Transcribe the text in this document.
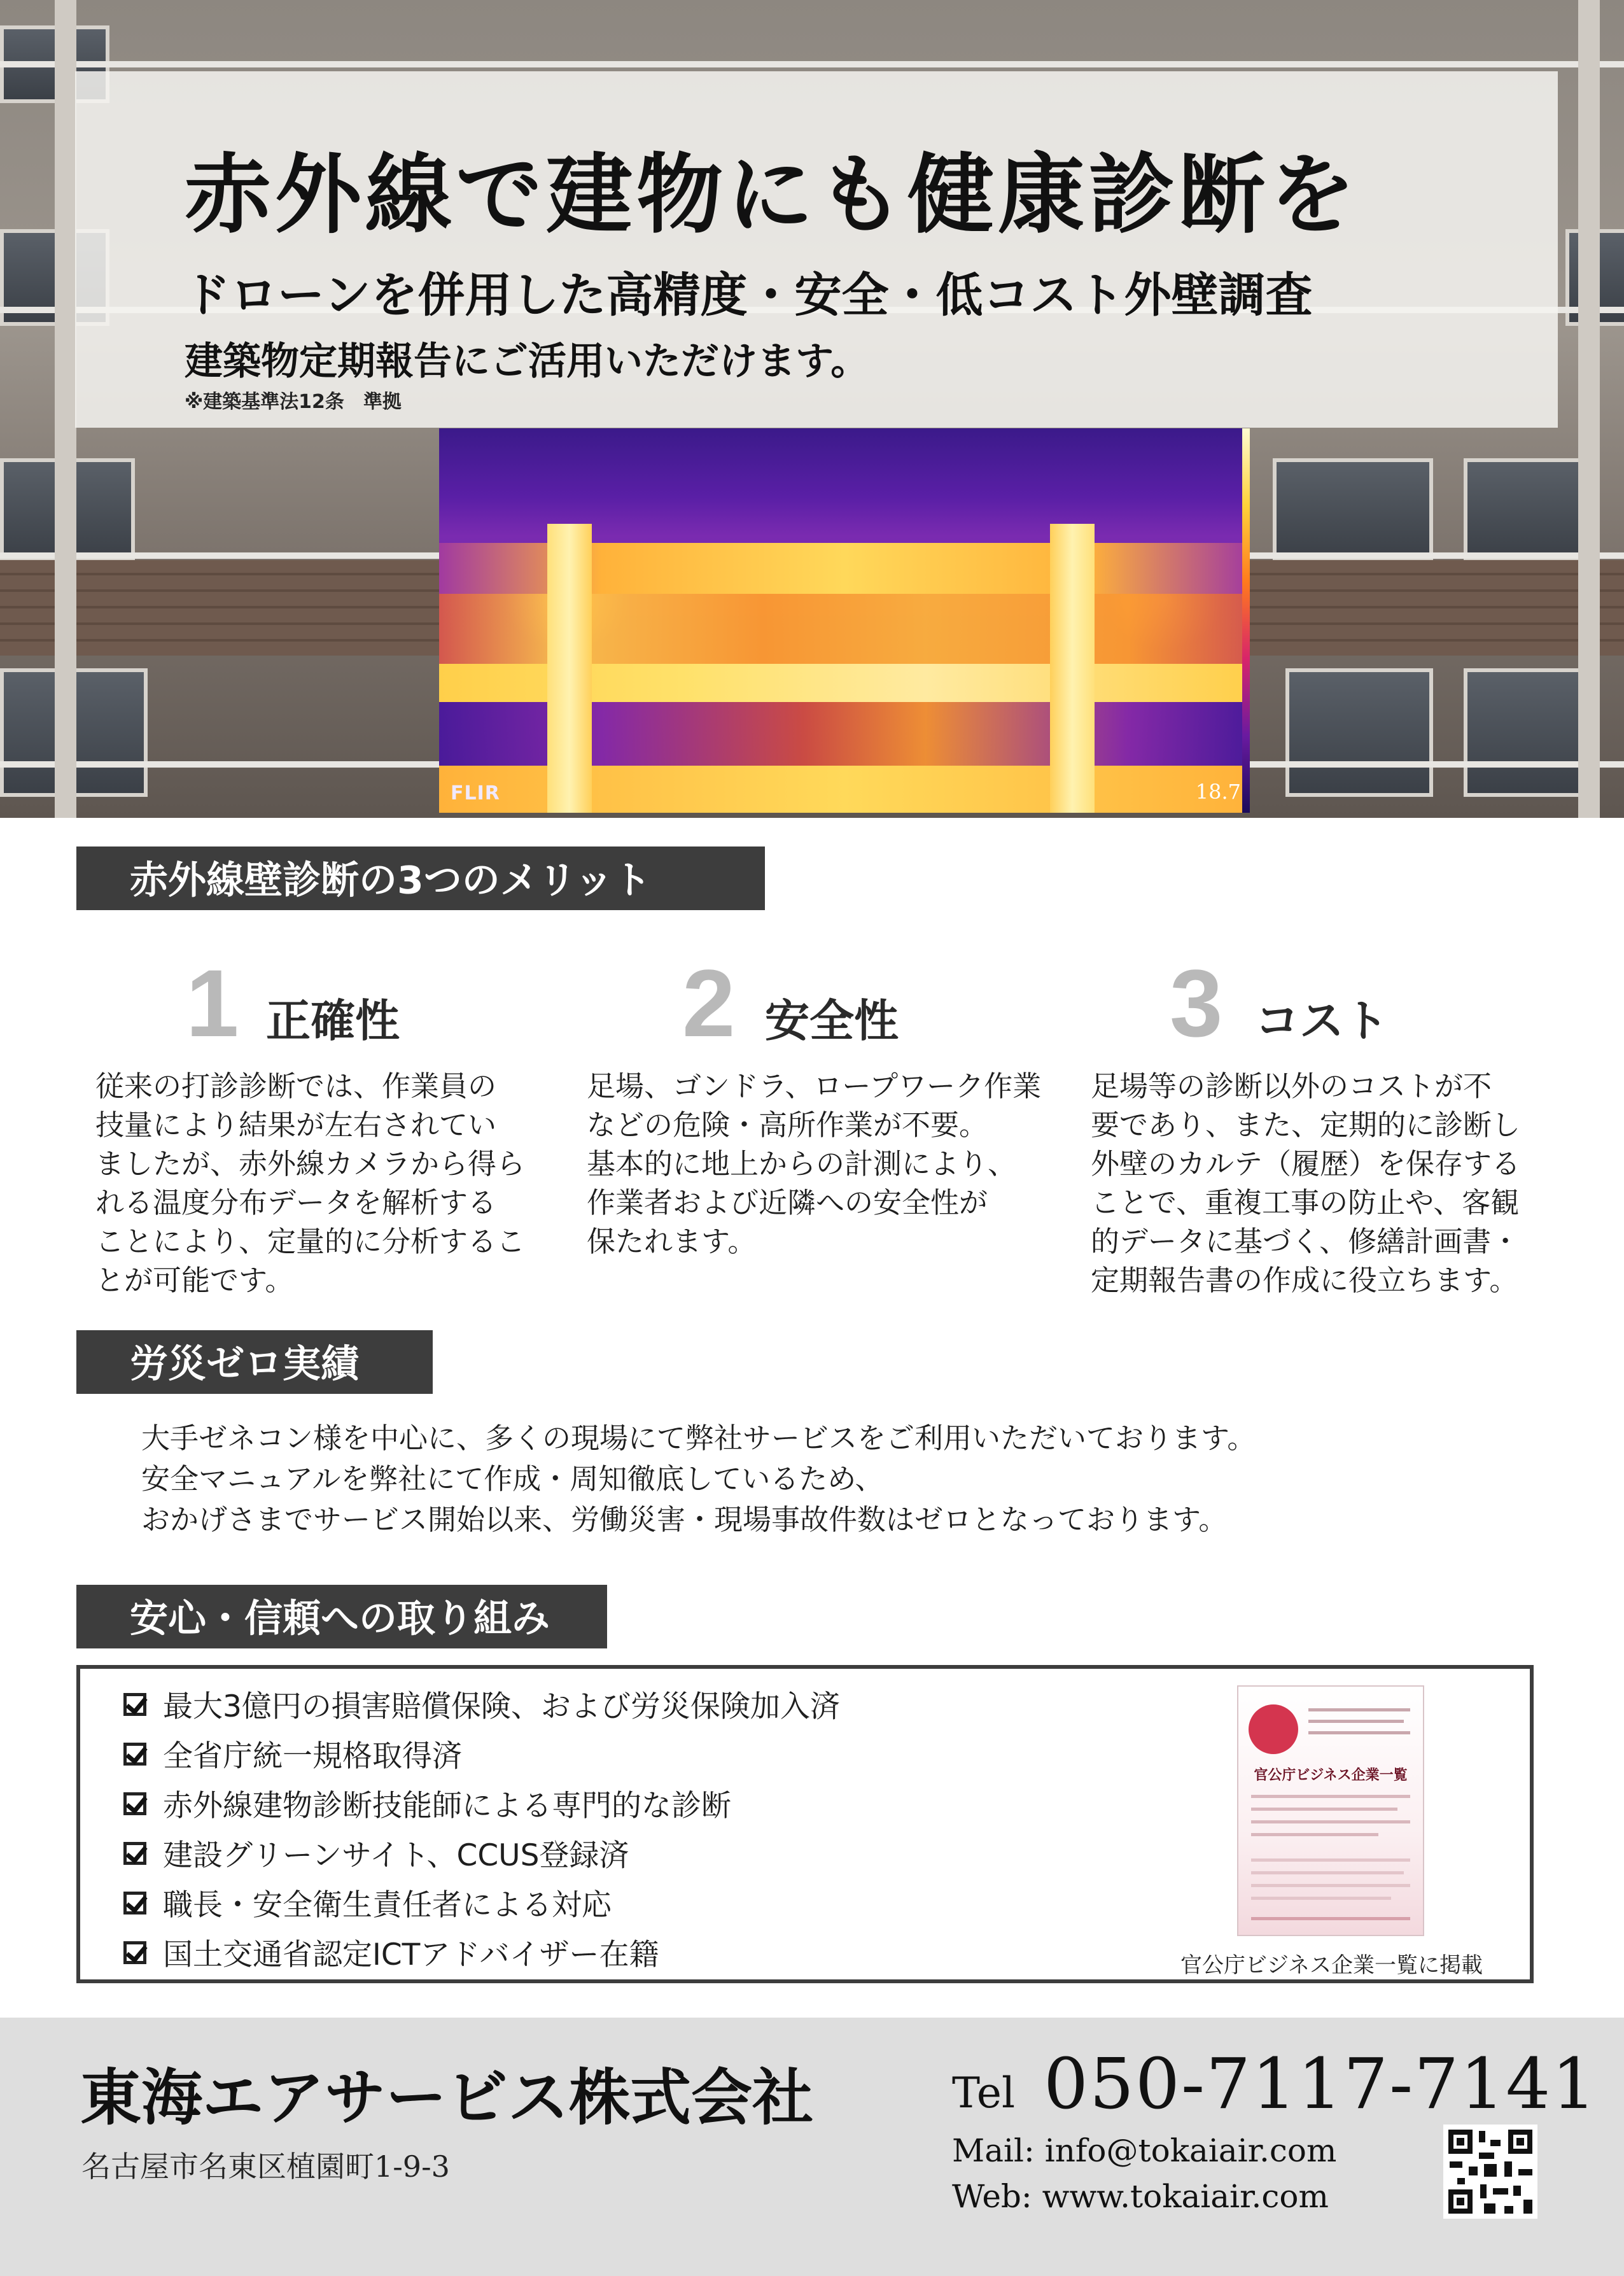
赤外線で建物にも健康診断を
ドローンを併用した高精度・安全・低コスト外壁調査
建築物定期報告にご活用いただけます。
※建築基準法12条　準拠
FLIR	18.7
赤外線壁診断の3つのメリット
1 正確性
従来の打診診断では、作業員の
技量により結果が左右されてい
ましたが、赤外線カメラから得ら
れる温度分布データを解析する
ことにより、定量的に分析するこ
とが可能です。
2 安全性
足場、ゴンドラ、ロープワーク作業
などの危険・高所作業が不要。
基本的に地上からの計測により、
作業者および近隣への安全性が
保たれます。
3 コスト
足場等の診断以外のコストが不
要であり、また、定期的に診断し
外壁のカルテ（履歴）を保存する
ことで、重複工事の防止や、客観
的データに基づく、修繕計画書・
定期報告書の作成に役立ちます。
労災ゼロ実績
大手ゼネコン様を中心に、多くの現場にて弊社サービスをご利用いただいております。
安全マニュアルを弊社にて作成・周知徹底しているため、
おかげさまでサービス開始以来、労働災害・現場事故件数はゼロとなっております。
安心・信頼への取り組み
最大3億円の損害賠償保険、および労災保険加入済
全省庁統一規格取得済
赤外線建物診断技能師による専門的な診断
建設グリーンサイト、CCUS登録済
職長・安全衛生責任者による対応
国土交通省認定ICTアドバイザー在籍
官公庁ビジネス企業一覧
官公庁ビジネス企業一覧に掲載
東海エアサービス株式会社
名古屋市名東区植園町1-9-3
Tel 050-7117-7141
Mail: info@tokaiair.com
Web: www.tokaiair.com
